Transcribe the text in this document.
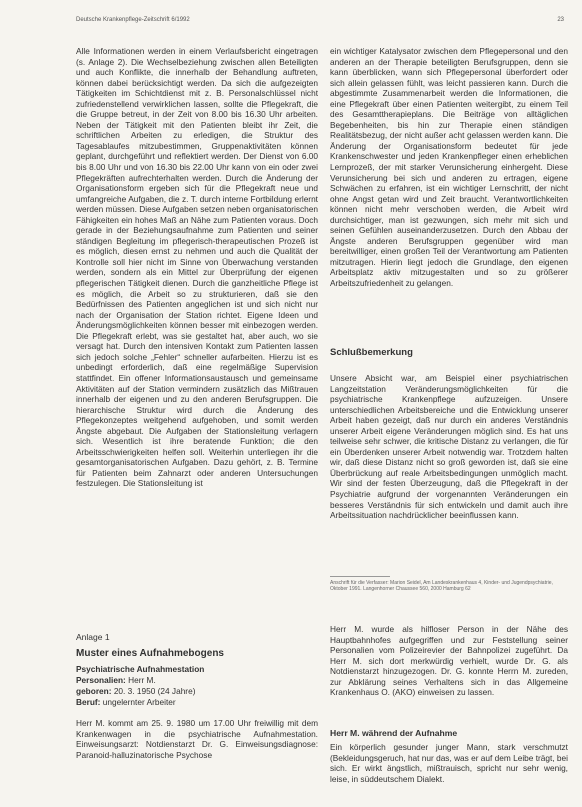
Deutsche Krankenpflege-Zeitschrift 6/1992	23

Alle Informationen werden in einem Verlaufsbericht eingetragen (s. Anlage 2). Die Wechselbeziehung zwischen allen Beteiligten und auch Konflikte, die innerhalb der Behandlung auftreten, können dabei berücksichtigt werden. Da sich die aufgezeigten Tätigkeiten im Schichtdienst mit z. B. Personalschlüssel nicht zufriedenstellend verwirklichen lassen, sollte die Pflegekraft, die die Gruppe betreut, in der Zeit von 8.00 bis 16.30 Uhr arbeiten. Neben der Tätigkeit mit den Patienten bleibt ihr Zeit, die schriftlichen Arbeiten zu erledigen, die Struktur des Tagesablaufes mitzubestimmen, Gruppenaktivitäten können geplant, durchgeführt und reflektiert werden. Der Dienst von 6.00 bis 8.00 Uhr und von 16.30 bis 22.00 Uhr kann von ein oder zwei Pflegekräften aufrechterhalten werden. Durch die Änderung der Organisationsform ergeben sich für die Pflegekraft neue und umfangreiche Aufgaben, die z. T. durch interne Fortbildung erlernt werden müssen. Diese Aufgaben setzen neben organisatorischen Fähigkeiten ein hohes Maß an Nähe zum Patienten voraus. Doch gerade in der Beziehungsaufnahme zum Patienten und seiner ständigen Begleitung im pflegerisch-therapeutischen Prozeß ist es möglich, diesen ernst zu nehmen und auch die Qualität der Kontrolle soll hier nicht im Sinne von Überwachung verstanden werden, sondern als ein Mittel zur Überprüfung der eigenen pflegerischen Tätigkeit dienen. Durch die ganzheitliche Pflege ist es möglich, die Arbeit so zu strukturieren, daß sie den Bedürfnissen des Patienten angeglichen ist und sich nicht nur nach der Organisation der Station richtet. Eigene Ideen und Änderungsmöglichkeiten können besser mit einbezogen werden. Die Pflegekraft erlebt, was sie gestaltet hat, aber auch, wo sie versagt hat. Durch den intensiven Kontakt zum Patienten lassen sich jedoch solche „Fehler“ schneller aufarbeiten. Hierzu ist es unbedingt erforderlich, daß eine regelmäßige Supervision stattfindet. Ein offener Informationsaustausch und gemeinsame Aktivitäten auf der Station vermindern zusätzlich das Mißtrauen innerhalb der eigenen und zu den anderen Berufsgruppen. Die hierarchische Struktur wird durch die Änderung des Pflegekonzeptes weitgehend aufgehoben, und somit werden Ängste abgebaut. Die Aufgaben der Stationsleitung verlagern sich. Wesentlich ist ihre beratende Funktion; die den Arbeitsschwierigkeiten helfen soll. Weiterhin unterliegen ihr die gesamtorganisatorischen Aufgaben. Dazu gehört, z. B. Termine für Patienten beim Zahnarzt oder anderen Untersuchungen festzulegen. Die Stationsleitung ist

ein wichtiger Katalysator zwischen dem Pflegepersonal und den anderen an der Therapie beteiligten Berufsgruppen, denn sie kann überblicken, wann sich Pflegepersonal überfordert oder sich allein gelassen fühlt, was leicht passieren kann. Durch die abgestimmte Zusammenarbeit werden die Informationen, die eine Pflegekraft über einen Patienten weitergibt, zu einem Teil des Gesamttherapieplans. Die Beiträge von alltäglichen Begebenheiten, bis hin zur Therapie einen ständigen Realitätsbezug, der nicht außer acht gelassen werden kann. Die Änderung der Organisationsform bedeutet für jede Krankenschwester und jeden Krankenpfleger einen erheblichen Lernprozeß, der mit starker Verunsicherung einhergeht. Diese Verunsicherung bei sich und anderen zu ertragen, eigene Schwächen zu erfahren, ist ein wichtiger Lernschritt, der nicht ohne Angst getan wird und Zeit braucht. Verantwortlichkeiten können nicht mehr verschoben werden, die Arbeit wird durchsichtiger, man ist gezwungen, sich mehr mit sich und seinen Gefühlen auseinanderzusetzen. Durch den Abbau der Ängste anderen Berufsgruppen gegenüber wird man bereitwilliger, einen großen Teil der Verantwortung am Patienten mitzutragen. Hierin liegt jedoch die Grundlage, den eigenen Arbeitsplatz aktiv mitzugestalten und so zu größerer Arbeitszufriedenheit zu gelangen.

Schlußbemerkung

Unsere Absicht war, am Beispiel einer psychiatrischen Langzeitstation Veränderungsmöglichkeiten für die psychiatrische Krankenpflege aufzuzeigen. Unsere unterschiedlichen Arbeitsbereiche und die Entwicklung unserer Arbeit haben gezeigt, daß nur durch ein anderes Verständnis unserer Arbeit eigene Veränderungen möglich sind. Es hat uns teilweise sehr schwer, die kritische Distanz zu verlangen, die für ein Überdenken unserer Arbeit notwendig war. Trotzdem halten wir, daß diese Distanz nicht so groß geworden ist, daß sie eine Überbrückung auf reale Arbeitsbedingungen unmöglich macht. Wir sind der festen Überzeugung, daß die Pflegekraft in der Psychiatrie aufgrund der vorgenannten Veränderungen ein besseres Verständnis für sich entwickeln und damit auch ihre Arbeitssituation nachdrücklicher beeinflussen kann.

Anschrift für die Verfasser: Marion Seidel, Am Landeskrankenhaus 4, Kinder- und Jugendpsychiatrie, Oktober 1991. Langenhorner Chaussee 560, 2000 Hamburg 62
Anlage 1
Muster eines Aufnahmebogens
Psychiatrische Aufnahmestation
Personalien: Herr M.
geboren: 20. 3. 1950 (24 Jahre)
Beruf: ungelernter Arbeiter

Herr M. kommt am 25. 9. 1980 um 17.00 Uhr freiwillig mit dem Krankenwagen in die psychiatrische Aufnahmestation. Einweisungsarzt: Notdienstarzt Dr. G. Einweisungsdiagnose: Paranoid-halluzinatorische Psychose

Herr M. wurde als hilfloser Person in der Nähe des Hauptbahnhofes aufgegriffen und zur Feststellung seiner Personalien vom Polizeirevier der Bahnpolizei zugeführt. Da Herr M. sich dort merkwürdig verhielt, wurde Dr. G. als Notdienstarzt hinzugezogen. Dr. G. konnte Herrn M. zureden, zur Abklärung seines Verhaltens sich in das Allgemeine Krankenhaus O. (AKO) einweisen zu lassen.

Herr M. während der Aufnahme

Ein körperlich gesunder junger Mann, stark verschmutzt (Bekleidungsgeruch, hat nur das, was er auf dem Leibe trägt, bei sich. Er wirkt ängstlich, mißtrauisch, spricht nur sehr wenig, leise, in süddeutschem Dialekt.
